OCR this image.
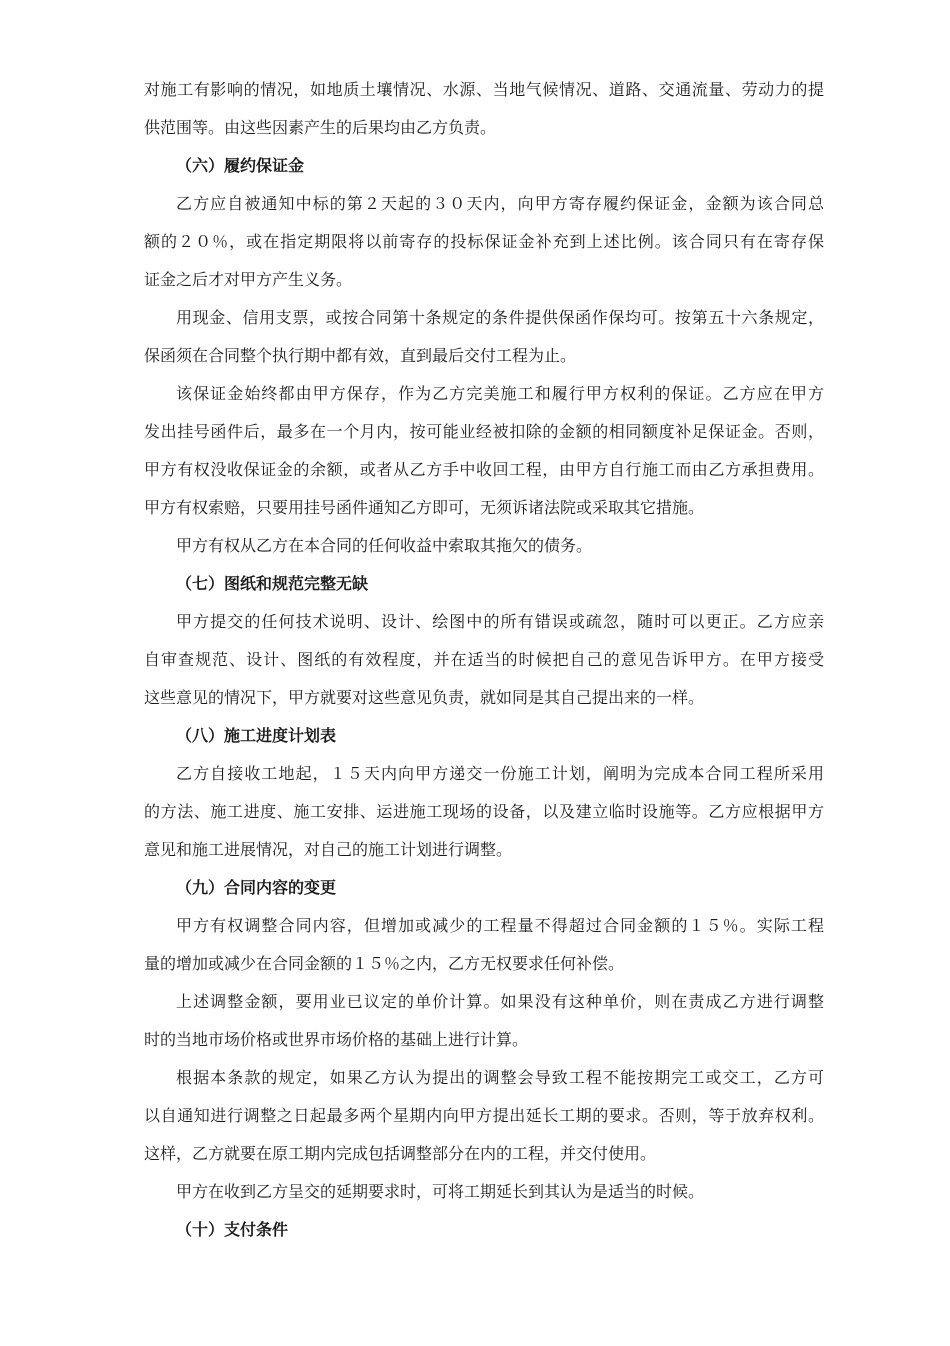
对施工有影响的情况，如地质土壤情况、水源、当地气候情况、道路、交通流量、劳动力的提
供范围等。由这些因素产生的后果均由乙方负责。
（六）履约保证金
乙方应自被通知中标的第２天起的３０天内，向甲方寄存履约保证金，金额为该合同总
额的２０％，或在指定期限将以前寄存的投标保证金补充到上述比例。该合同只有在寄存保
证金之后才对甲方产生义务。
用现金、信用支票，或按合同第十条规定的条件提供保函作保均可。按第五十六条规定，
保函须在合同整个执行期中都有效，直到最后交付工程为止。
该保证金始终都由甲方保存，作为乙方完美施工和履行甲方权利的保证。乙方应在甲方
发出挂号函件后，最多在一个月内，按可能业经被扣除的金额的相同额度补足保证金。否则，
甲方有权没收保证金的余额，或者从乙方手中收回工程，由甲方自行施工而由乙方承担费用。
甲方有权索赔，只要用挂号函件通知乙方即可，无须诉诸法院或采取其它措施。
甲方有权从乙方在本合同的任何收益中索取其拖欠的债务。
（七）图纸和规范完整无缺
甲方提交的任何技术说明、设计、绘图中的所有错误或疏忽，随时可以更正。乙方应亲
自审查规范、设计、图纸的有效程度，并在适当的时候把自己的意见告诉甲方。在甲方接受
这些意见的情况下，甲方就要对这些意见负责，就如同是其自己提出来的一样。
（八）施工进度计划表
乙方自接收工地起，１５天内向甲方递交一份施工计划，阐明为完成本合同工程所采用
的方法、施工进度、施工安排、运进施工现场的设备，以及建立临时设施等。乙方应根据甲方
意见和施工进展情况，对自己的施工计划进行调整。
（九）合同内容的变更
甲方有权调整合同内容，但增加或减少的工程量不得超过合同金额的１５％。实际工程
量的增加或减少在合同金额的１５％之内，乙方无权要求任何补偿。
上述调整金额，要用业已议定的单价计算。如果没有这种单价，则在责成乙方进行调整
时的当地市场价格或世界市场价格的基础上进行计算。
根据本条款的规定，如果乙方认为提出的调整会导致工程不能按期完工或交工，乙方可
以自通知进行调整之日起最多两个星期内向甲方提出延长工期的要求。否则，等于放弃权利。
这样，乙方就要在原工期内完成包括调整部分在内的工程，并交付使用。
甲方在收到乙方呈交的延期要求时，可将工期延长到其认为是适当的时候。
（十）支付条件
